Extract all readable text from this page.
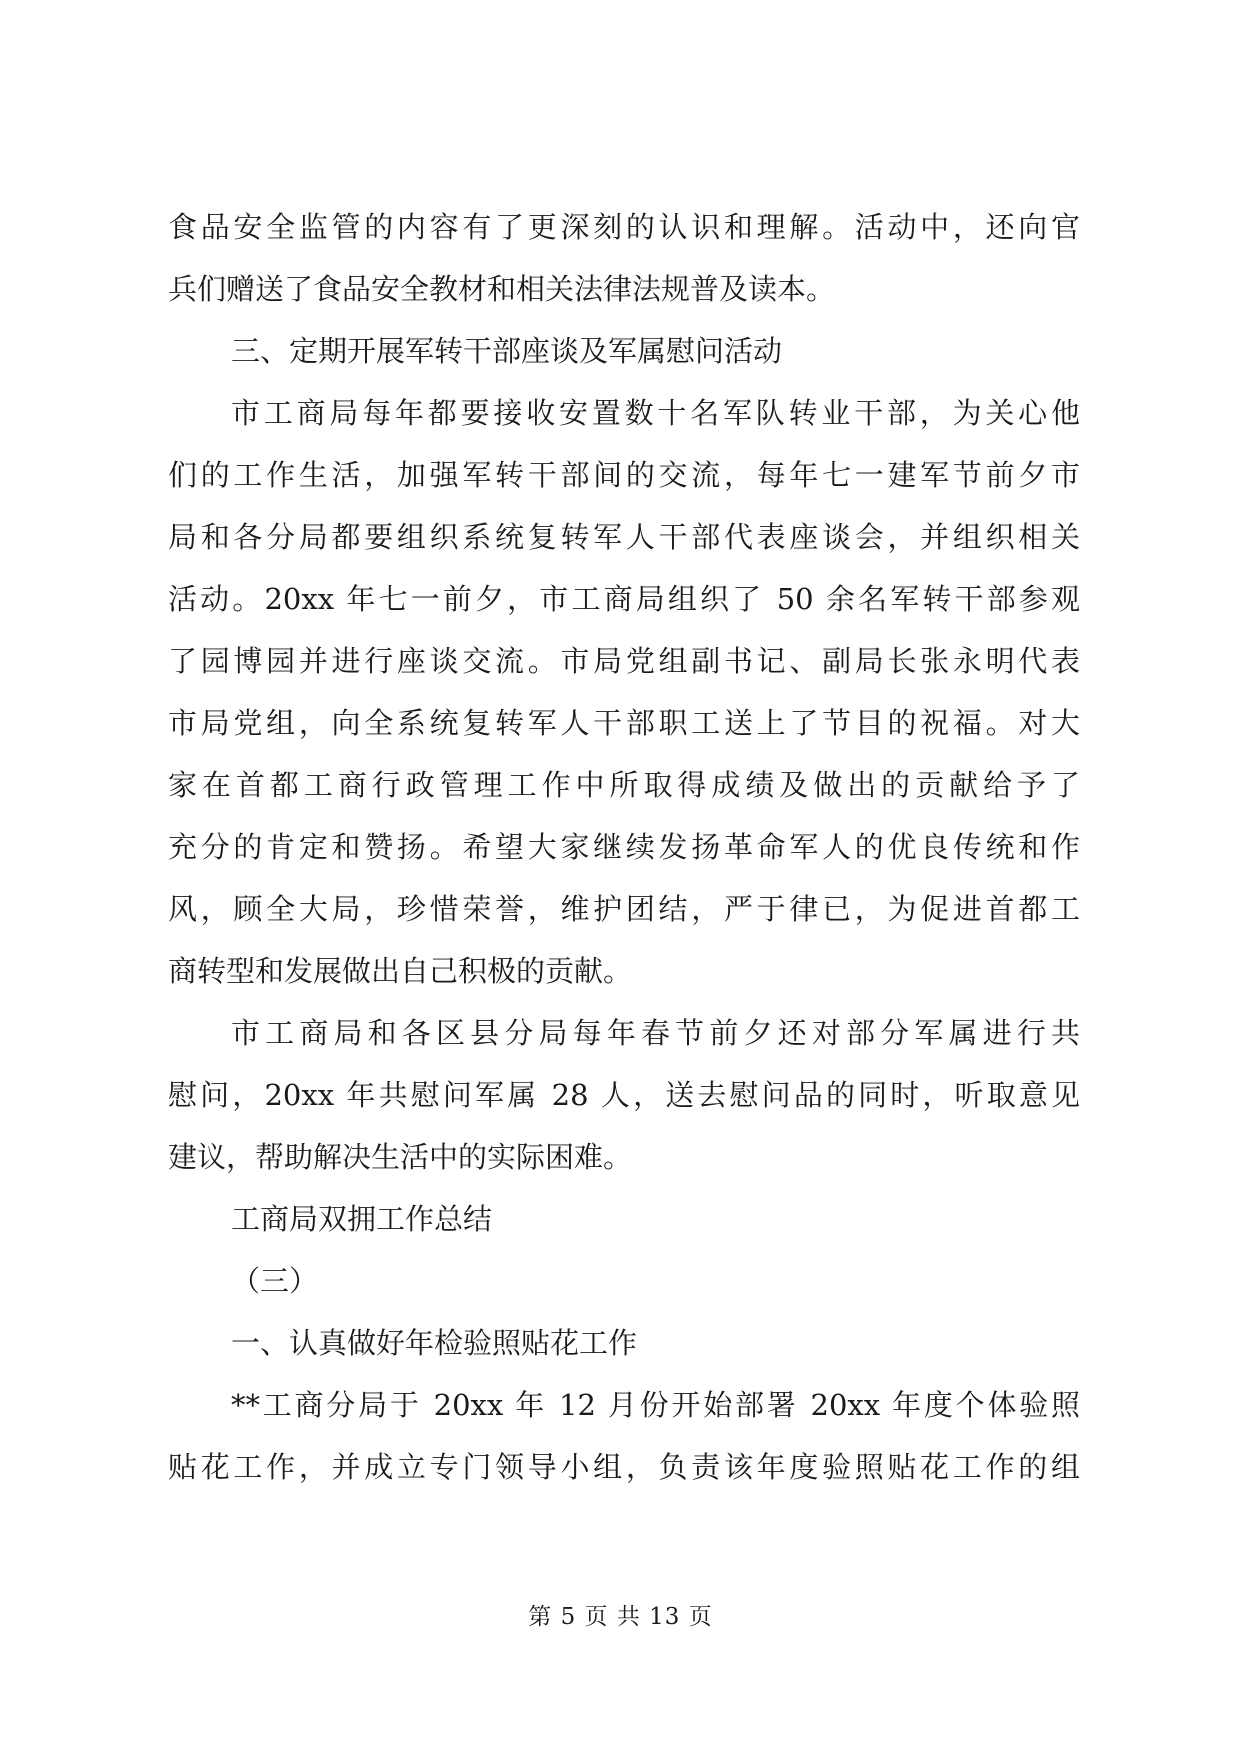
食品安全监管的内容有了更深刻的认识和理解。活动中，还向官
兵们赠送了食品安全教材和相关法律法规普及读本。
三、定期开展军转干部座谈及军属慰问活动
市工商局每年都要接收安置数十名军队转业干部，为关心他
们的工作生活，加强军转干部间的交流，每年七一建军节前夕市
局和各分局都要组织系统复转军人干部代表座谈会，并组织相关
活动。20xx 年七一前夕，市工商局组织了 50 余名军转干部参观
了园博园并进行座谈交流。市局党组副书记、副局长张永明代表
市局党组，向全系统复转军人干部职工送上了节目的祝福。对大
家在首都工商行政管理工作中所取得成绩及做出的贡献给予了
充分的肯定和赞扬。希望大家继续发扬革命军人的优良传统和作
风，顾全大局，珍惜荣誉，维护团结，严于律已，为促进首都工
商转型和发展做出自己积极的贡献。
市工商局和各区县分局每年春节前夕还对部分军属进行共
慰问，20xx 年共慰问军属 28 人，送去慰问品的同时，听取意见
建议，帮助解决生活中的实际困难。
工商局双拥工作总结
（三）
一、认真做好年检验照贴花工作
**工商分局于 20xx 年 12 月份开始部署 20xx 年度个体验照
贴花工作，并成立专门领导小组，负责该年度验照贴花工作的组
第 5 页 共 13 页
